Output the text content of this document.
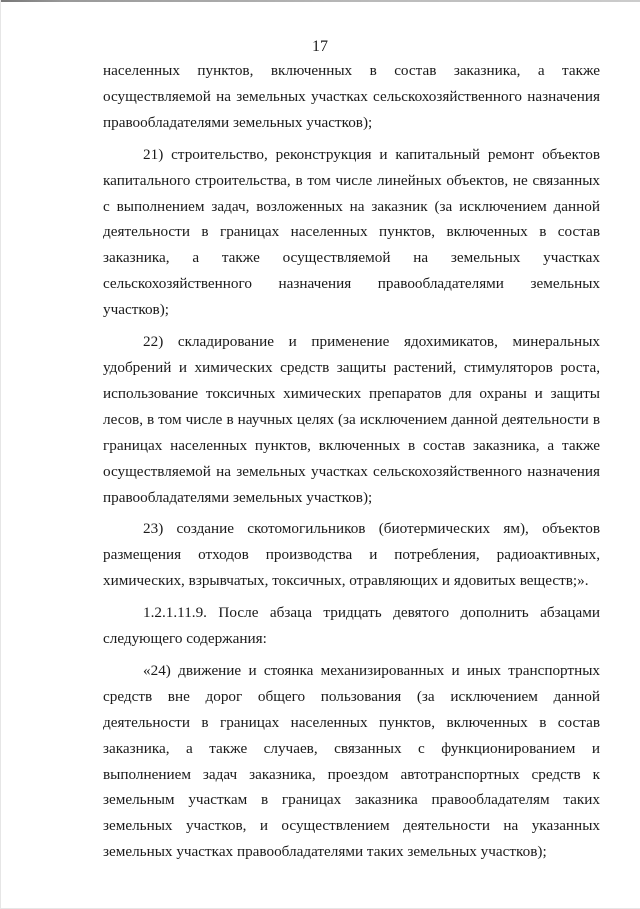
17

населенных пунктов, включенных в состав заказника, а также осуществляемой на земельных участках сельскохозяйственного назначения правообладателями земельных участков);

21) строительство, реконструкция и капитальный ремонт объектов капитального строительства, в том числе линейных объектов, не связанных с выполнением задач, возложенных на заказник (за исключением данной деятельности в границах населенных пунктов, включенных в состав заказника, а также осуществляемой на земельных участках сельскохозяйственного назначения правообладателями земельных участков);

22) складирование и применение ядохимикатов, минеральных удобрений и химических средств защиты растений, стимуляторов роста, использование токсичных химических препаратов для охраны и защиты лесов, в том числе в научных целях (за исключением данной деятельности в границах населенных пунктов, включенных в состав заказника, а также осуществляемой на земельных участках сельскохозяйственного назначения правообладателями земельных участков);

23) создание скотомогильников (биотермических ям), объектов размещения отходов производства и потребления, радиоактивных, химических, взрывчатых, токсичных, отравляющих и ядовитых веществ;».

1.2.1.11.9. После абзаца тридцать девятого дополнить абзацами следующего содержания:

«24) движение и стоянка механизированных и иных транспортных средств вне дорог общего пользования (за исключением данной деятельности в границах населенных пунктов, включенных в состав заказника, а также случаев, связанных с функционированием и выполнением задач заказника, проездом автотранспортных средств к земельным участкам в границах заказника правообладателям таких земельных участков, и осуществлением деятельности на указанных земельных участках правообладателями таких земельных участков);
